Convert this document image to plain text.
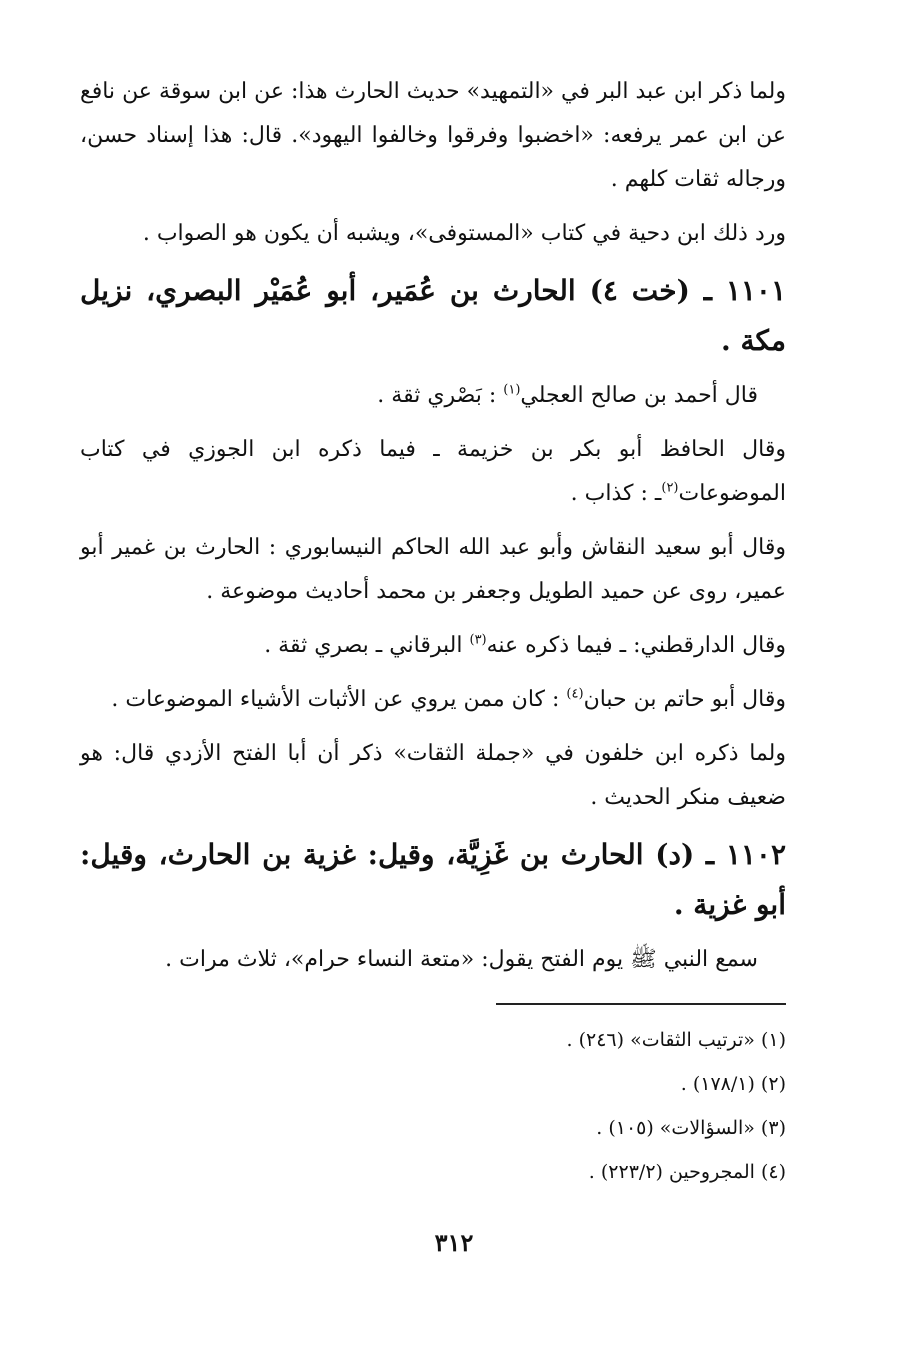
ولما ذكر ابن عبد البر في «التمهيد» حديث الحارث هذا: عن ابن سوقة عن نافع عن ابن عمر يرفعه: «اخضبوا وفرقوا وخالفوا اليهود». قال: هذا إسناد حسن، ورجاله ثقات كلهم .

ورد ذلك ابن دحية في كتاب «المستوفى»، ويشبه أن يكون هو الصواب .

١١٠١ ـ (خت ٤) الحارث بن عُمَير، أبو عُمَيْر البصري، نزيل مكة .

قال أحمد بن صالح العجلي$^{(١)}$ : بَصْري ثقة .

وقال الحافظ أبو بكر بن خزيمة ـ فيما ذكره ابن الجوزي في كتاب الموضوعات$^{(٢)}$ـ : كذاب .

وقال أبو سعيد النقاش وأبو عبد الله الحاكم النيسابوري : الحارث بن غمير أبو عمير، روى عن حميد الطويل وجعفر بن محمد أحاديث موضوعة .

وقال الدارقطني: ـ فيما ذكره عنه$^{(٣)}$ البرقاني ـ بصري ثقة .

وقال أبو حاتم بن حبان$^{(٤)}$ : كان ممن يروي عن الأثبات الأشياء الموضوعات .

ولما ذكره ابن خلفون في «جملة الثقات» ذكر أن أبا الفتح الأزدي قال: هو ضعيف منكر الحديث .

١١٠٢ ـ (د) الحارث بن غَزِيَّة، وقيل: غزية بن الحارث، وقيل: أبو غزية .

سمع النبي ﷺ يوم الفتح يقول: «متعة النساء حرام»، ثلاث مرات .

(١) «ترتيب الثقات» (٢٤٦) .

(٢) (١٧٨/١) .

(٣) «السؤالات» (١٠٥) .

(٤) المجروحين (٢٢٣/٢) .

٣١٢
